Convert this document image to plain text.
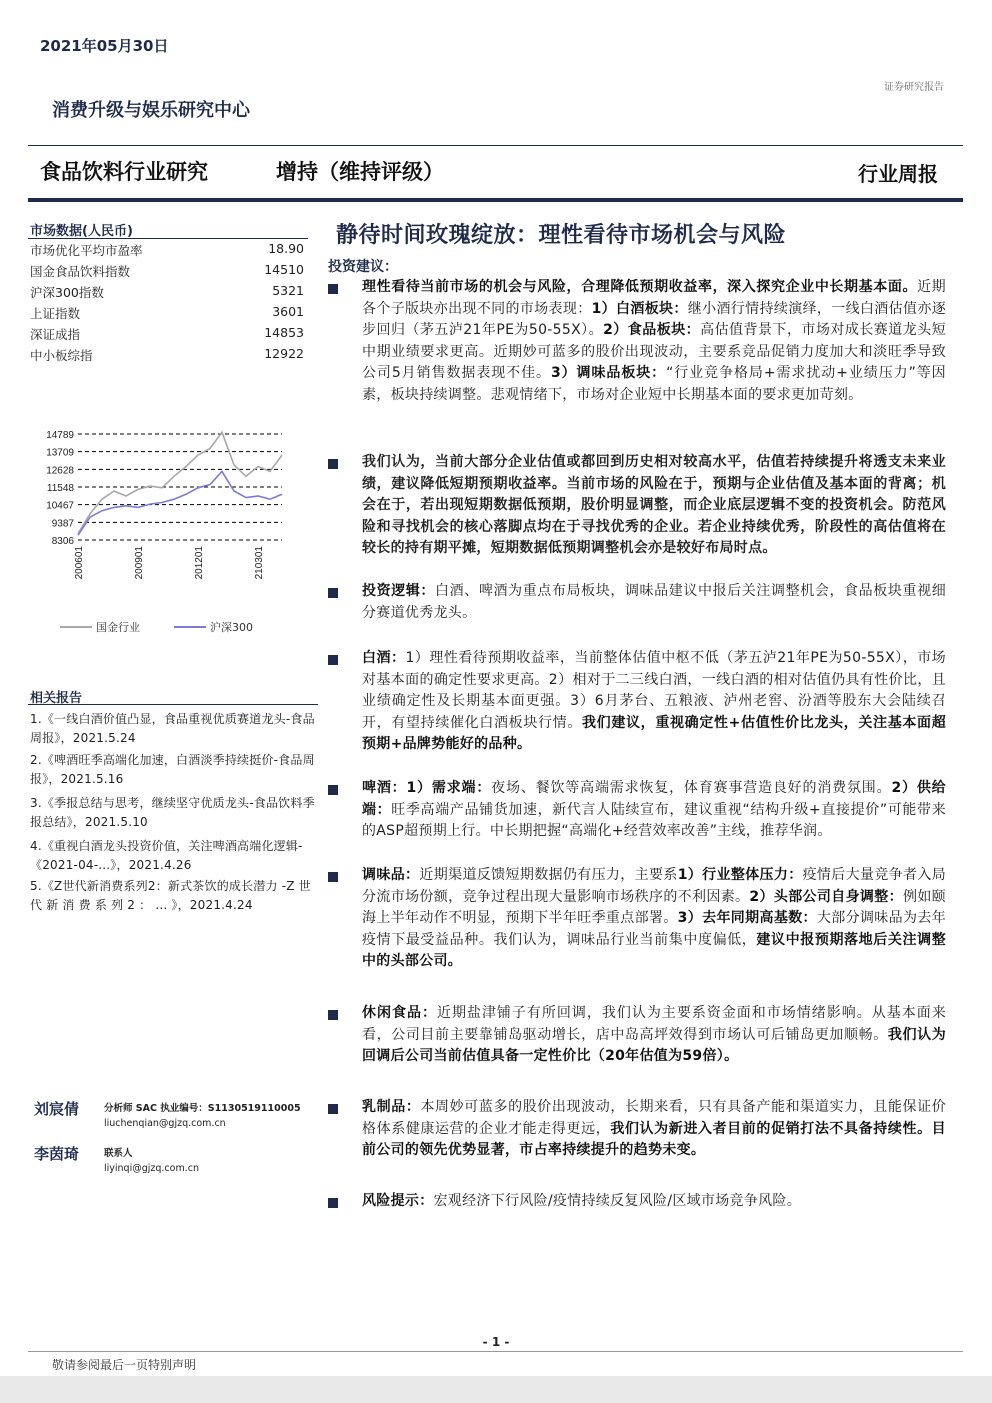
2021年05月30日
证券研究报告
消费升级与娱乐研究中心
食品饮料行业研究	增持（维持评级）	行业周报
市场数据(人民币)
市场优化平均市盈率	18.90
国金食品饮料指数	14510
沪深300指数	5321
上证指数	3601
深证成指	14853
中小板综指	12922
14789
13709
12628
11548
10467
9387
8306
200601	200901	201201	210301
国金行业	沪深300
相关报告
1.《一线白酒价值凸显，食品重视优质赛道龙头-食品周报》，2021.5.24
2.《啤酒旺季高端化加速，白酒淡季持续挺价-食品周报》，2021.5.16
3.《季报总结与思考，继续坚守优质龙头-食品饮料季报总结》，2021.5.10
4.《重视白酒龙头投资价值，关注啤酒高端化逻辑-《2021-04-...》，2021.4.26
5.《Z世代新消费系列2：新式茶饮的成长潜力 -Z 世 代 新 消 费 系 列 2 ： ... 》，2021.4.24
刘宸倩	分析师 SAC 执业编号：S1130519110005
liuchenqian@gjzq.com.cn
李茵琦	联系人
liyinqi@gjzq.com.cn
静待时间玫瑰绽放：理性看待市场机会与风险
投资建议：
理性看待当前市场的机会与风险，合理降低预期收益率，深入探究企业中长期基本面。近期各个子版块亦出现不同的市场表现：1）白酒板块：继小酒行情持续演绎，一线白酒估值亦逐步回归（茅五泸21年PE为50-55X）。2）食品板块：高估值背景下，市场对成长赛道龙头短中期业绩要求更高。近期妙可蓝多的股价出现波动，主要系竞品促销力度加大和淡旺季导致公司5月销售数据表现不佳。3）调味品板块：“行业竞争格局+需求扰动+业绩压力”等因素，板块持续调整。悲观情绪下，市场对企业短中长期基本面的要求更加苛刻。
我们认为，当前大部分企业估值或都回到历史相对较高水平，估值若持续提升将透支未来业绩，建议降低短期预期收益率。当前市场的风险在于，预期与企业估值及基本面的背离；机会在于，若出现短期数据低预期，股价明显调整，而企业底层逻辑不变的投资机会。防范风险和寻找机会的核心落脚点均在于寻找优秀的企业。若企业持续优秀，阶段性的高估值将在较长的持有期平摊，短期数据低预期调整机会亦是较好布局时点。
投资逻辑：白酒、啤酒为重点布局板块，调味品建议中报后关注调整机会，食品板块重视细分赛道优秀龙头。
白酒：1）理性看待预期收益率，当前整体估值中枢不低（茅五泸21年PE为50-55X），市场对基本面的确定性要求更高。2）相对于二三线白酒，一线白酒的相对估值仍具有性价比，且业绩确定性及长期基本面更强。3）6月茅台、五粮液、泸州老窖、汾酒等股东大会陆续召开，有望持续催化白酒板块行情。我们建议，重视确定性+估值性价比龙头，关注基本面超预期+品牌势能好的品种。
啤酒：1）需求端：夜场、餐饮等高端需求恢复，体育赛事营造良好的消费氛围。2）供给端：旺季高端产品铺货加速，新代言人陆续宣布，建议重视“结构升级+直接提价”可能带来的ASP超预期上行。中长期把握“高端化+经营效率改善”主线，推荐华润。
调味品：近期渠道反馈短期数据仍有压力，主要系1）行业整体压力：疫情后大量竞争者入局分流市场份额，竞争过程出现大量影响市场秩序的不利因素。2）头部公司自身调整：例如颐海上半年动作不明显，预期下半年旺季重点部署。3）去年同期高基数：大部分调味品为去年疫情下最受益品种。我们认为，调味品行业当前集中度偏低，建议中报预期落地后关注调整中的头部公司。
休闲食品：近期盐津铺子有所回调，我们认为主要系资金面和市场情绪影响。从基本面来看，公司目前主要靠铺岛驱动增长，店中岛高坪效得到市场认可后铺岛更加顺畅。我们认为回调后公司当前估值具备一定性价比（20年估值为59倍）。
乳制品：本周妙可蓝多的股价出现波动，长期来看，只有具备产能和渠道实力，且能保证价格体系健康运营的企业才能走得更远，我们认为新进入者目前的促销打法不具备持续性。目前公司的领先优势显著，市占率持续提升的趋势未变。
风险提示：宏观经济下行风险/疫情持续反复风险/区域市场竞争风险。
- 1 -
敬请参阅最后一页特别声明
